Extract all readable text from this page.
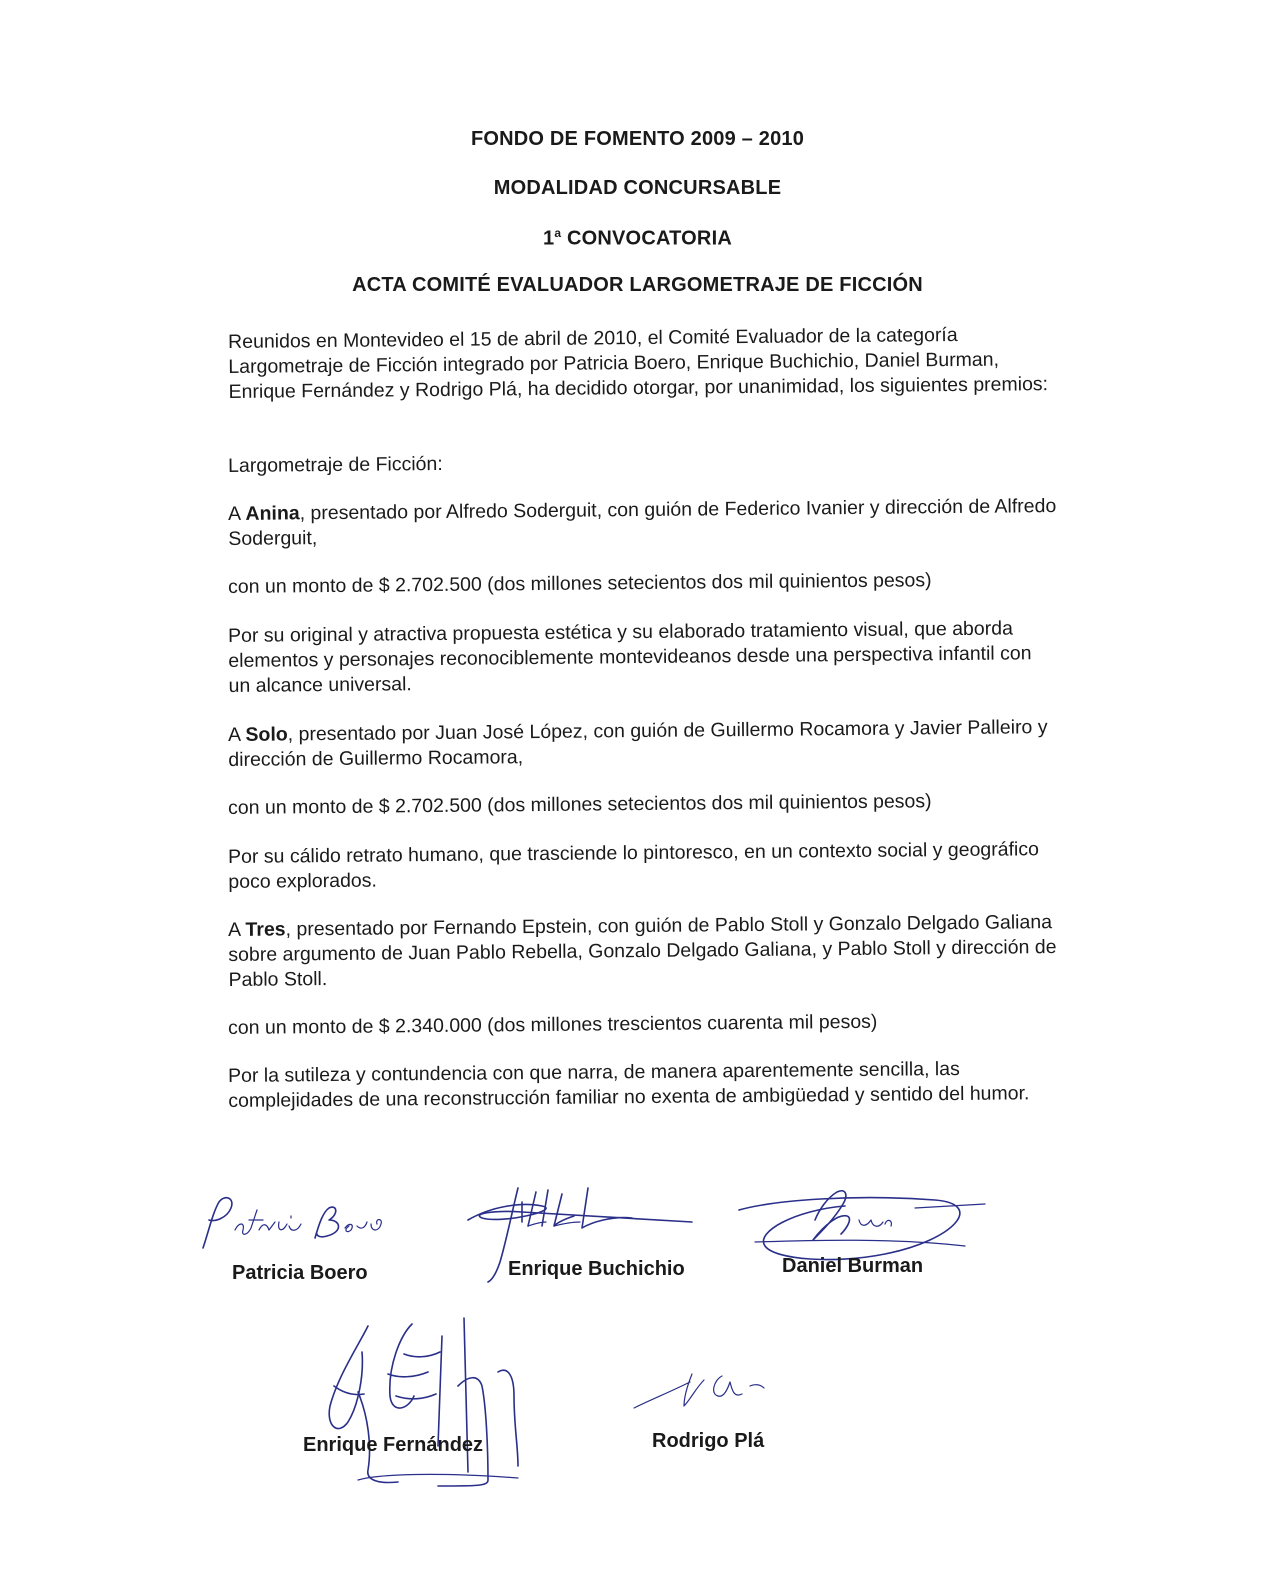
FONDO DE FOMENTO 2009 – 2010
MODALIDAD CONCURSABLE
1$^a$ CONVOCATORIA
ACTA COMITÉ EVALUADOR LARGOMETRAJE DE FICCIÓN
Reunidos en Montevideo el 15 de abril de 2010, el Comité Evaluador de la categoría Largometraje de Ficción integrado por Patricia Boero, Enrique Buchichio, Daniel Burman, Enrique Fernández y Rodrigo Plá, ha decidido otorgar, por unanimidad, los siguientes premios:
Largometraje de Ficción:
A Anina, presentado por Alfredo Soderguit, con guión de Federico Ivanier y dirección de Alfredo Soderguit,
con un monto de $ 2.702.500 (dos millones setecientos dos mil quinientos pesos)
Por su original y atractiva propuesta estética y su elaborado tratamiento visual, que aborda elementos y personajes reconociblemente montevideanos desde una perspectiva infantil con un alcance universal.
A Solo, presentado por Juan José López, con guión de Guillermo Rocamora y Javier Palleiro y dirección de Guillermo Rocamora,
con un monto de $ 2.702.500 (dos millones setecientos dos mil quinientos pesos)
Por su cálido retrato humano, que trasciende lo pintoresco, en un contexto social y geográfico poco explorados.
A Tres, presentado por Fernando Epstein, con guión de Pablo Stoll y Gonzalo Delgado Galiana sobre argumento de Juan Pablo Rebella, Gonzalo Delgado Galiana, y Pablo Stoll y dirección de Pablo Stoll.
con un monto de $ 2.340.000 (dos millones trescientos cuarenta mil pesos)
Por la sutileza y contundencia con que narra, de manera aparentemente sencilla, las complejidades de una reconstrucción familiar no exenta de ambigüedad y sentido del humor.
Patricia Boero	Enrique Buchichio	Daniel Burman
Enrique Fernández	Rodrigo Plá
